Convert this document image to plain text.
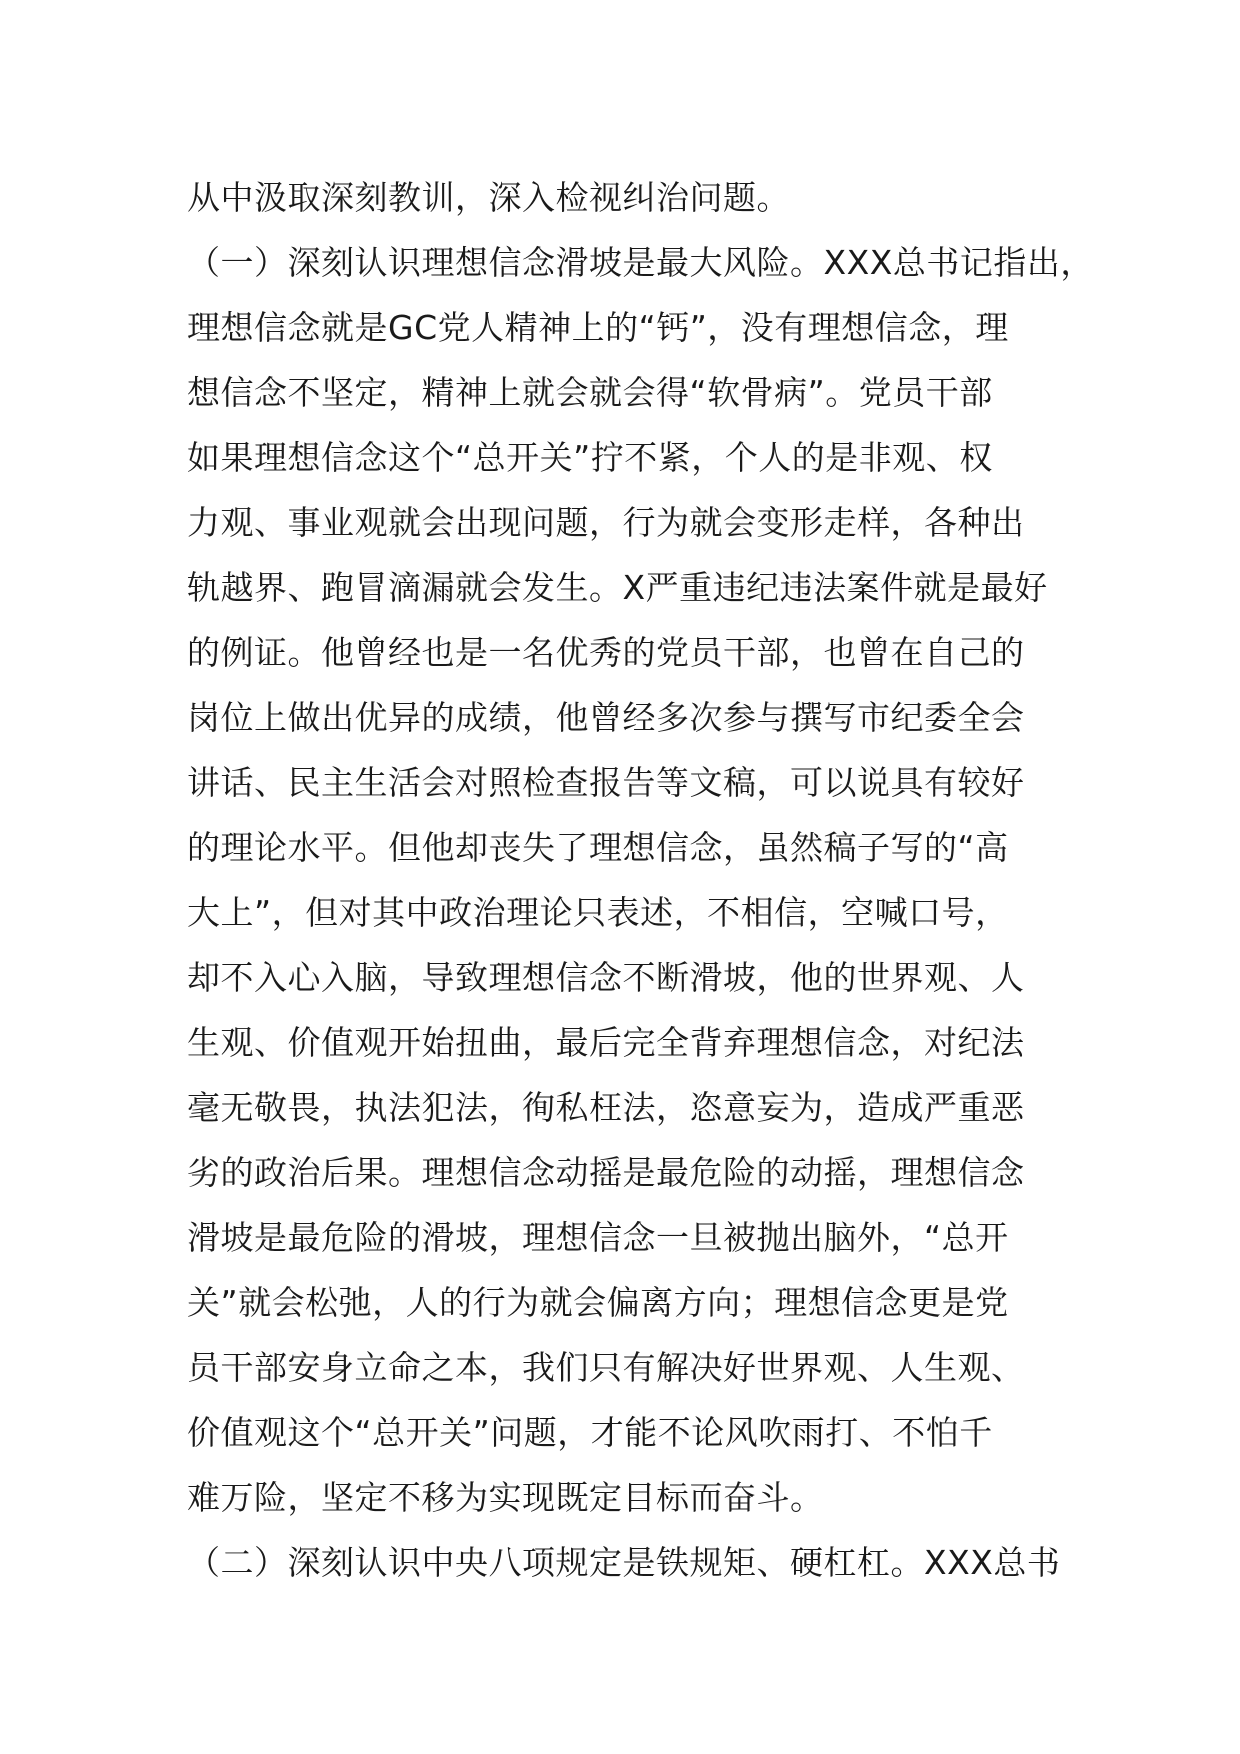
从中汲取深刻教训，深入检视纠治问题。
（一）深刻认识理想信念滑坡是最大风险。XXX总书记指出，
理想信念就是GC党人精神上的“钙”，没有理想信念，理
想信念不坚定，精神上就会就会得“软骨病”。党员干部
如果理想信念这个“总开关”拧不紧，个人的是非观、权
力观、事业观就会出现问题，行为就会变形走样，各种出
轨越界、跑冒滴漏就会发生。X严重违纪违法案件就是最好
的例证。他曾经也是一名优秀的党员干部，也曾在自己的
岗位上做出优异的成绩，他曾经多次参与撰写市纪委全会
讲话、民主生活会对照检查报告等文稿，可以说具有较好
的理论水平。但他却丧失了理想信念，虽然稿子写的“高
大上”，但对其中政治理论只表述，不相信，空喊口号，
却不入心入脑，导致理想信念不断滑坡，他的世界观、人
生观、价值观开始扭曲，最后完全背弃理想信念，对纪法
毫无敬畏，执法犯法，徇私枉法，恣意妄为，造成严重恶
劣的政治后果。理想信念动摇是最危险的动摇，理想信念
滑坡是最危险的滑坡，理想信念一旦被抛出脑外，“总开
关”就会松弛，人的行为就会偏离方向；理想信念更是党
员干部安身立命之本，我们只有解决好世界观、人生观、
价值观这个“总开关”问题，才能不论风吹雨打、不怕千
难万险，坚定不移为实现既定目标而奋斗。
（二）深刻认识中央八项规定是铁规矩、硬杠杠。XXX总书
